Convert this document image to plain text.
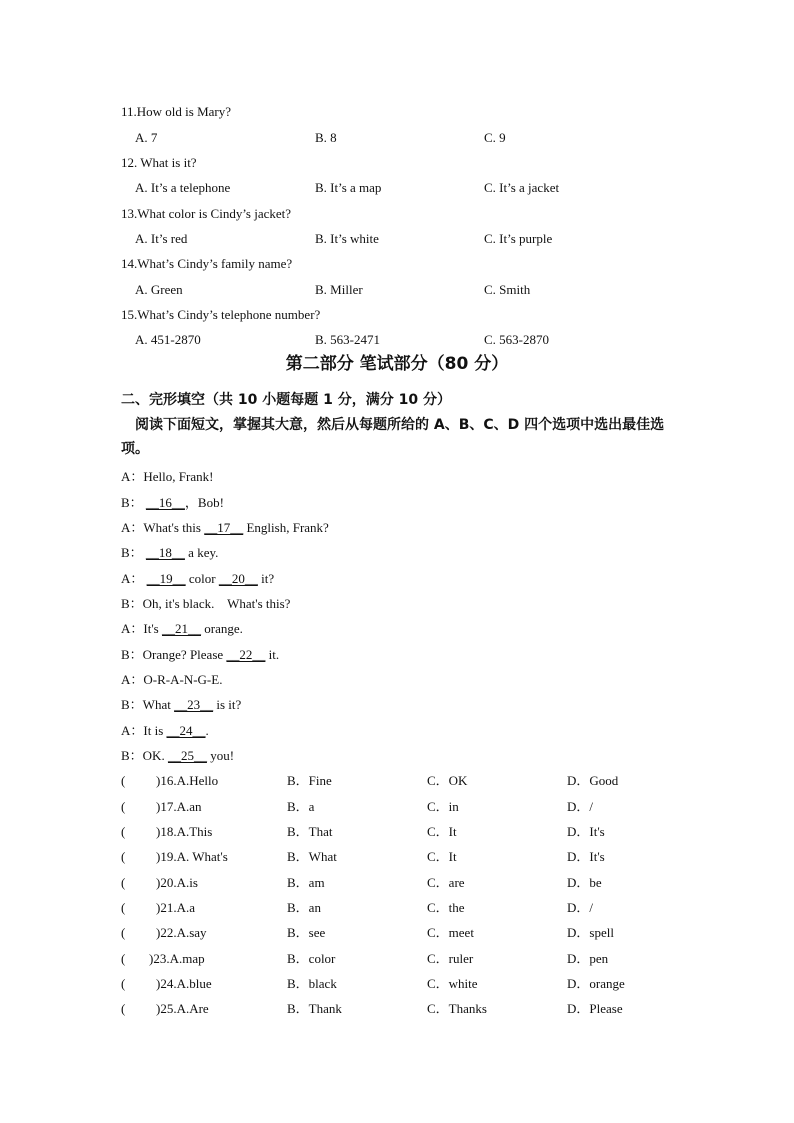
11.How old is Mary?
A. 7	B. 8	C. 9
12. What is it?
A. It’s a telephone	B. It’s a map	C. It’s a jacket
13.What color is Cindy’s jacket?
A. It’s red	B. It’s white	C. It’s purple
14.What’s Cindy’s family name?
A. Green	B. Miller	C. Smith
15.What’s Cindy’s telephone number?
A. 451-2870	B. 563-2471	C. 563-2870
第二部分 笔试部分（80 分）
二、完形填空（共 10 小题每题 1 分，满分 10 分）
阅读下面短文，掌握其大意，然后从每题所给的 A、B、C、D 四个选项中选出最佳选项。
A：Hello, Frank!
B： __16__，Bob!
A：What's this __17__ English, Frank?
B： __18__ a key.
A： __19__ color __20__ it?
B：Oh, it's black.    What's this?
A：It's __21__ orange.
B：Orange? Please __22__ it.
A：O-R-A-N-G-E.
B：What __23__ is it?
A：It is __24__.
B：OK. __25__ you!
( )16.A.Hello	B．Fine	C．OK	D．Good
( )17.A.an	B．a	C．in	D．/
( )18.A.This	B．That	C．It	D．It's
( )19.A. What's	B．What	C．It	D．It's
( )20.A.is	B．am	C．are	D．be
( )21.A.a	B．an	C．the	D．/
( )22.A.say	B．see	C．meet	D．spell
( )23.A.map	B．color	C．ruler	D．pen
( )24.A.blue	B．black	C．white	D．orange
( )25.A.Are	B．Thank	C．Thanks	D．Please
